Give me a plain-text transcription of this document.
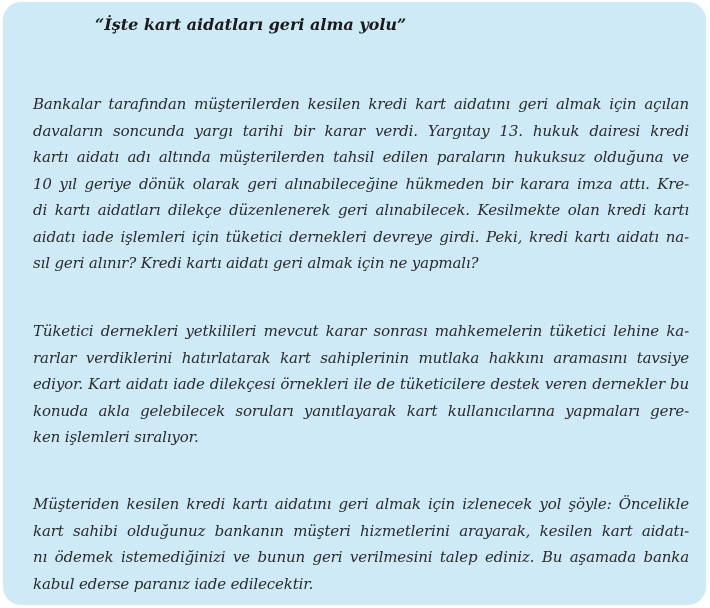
“İşte kart aidatları geri alma yolu”
Bankalar tarafından müşterilerden kesilen kredi kart aidatını geri almak için açılan
davaların soncunda yargı tarihi bir karar verdi. Yargıtay 13. hukuk dairesi kredi
kartı aidatı adı altında müşterilerden tahsil edilen paraların hukuksuz olduğuna ve
10 yıl geriye dönük olarak geri alınabileceğine hükmeden bir karara imza attı. Kre-
di kartı aidatları dilekçe düzenlenerek geri alınabilecek. Kesilmekte olan kredi kartı
aidatı iade işlemleri için tüketici dernekleri devreye girdi. Peki, kredi kartı aidatı na-
sıl geri alınır? Kredi kartı aidatı geri almak için ne yapmalı?
Tüketici dernekleri yetkilileri mevcut karar sonrası mahkemelerin tüketici lehine ka-
rarlar verdiklerini hatırlatarak kart sahiplerinin mutlaka hakkını aramasını tavsiye
ediyor. Kart aidatı iade dilekçesi örnekleri ile de tüketicilere destek veren dernekler bu
konuda akla gelebilecek soruları yanıtlayarak kart kullanıcılarına yapmaları gere-
ken işlemleri sıralıyor.
Müşteriden kesilen kredi kartı aidatını geri almak için izlenecek yol şöyle: Öncelikle
kart sahibi olduğunuz bankanın müşteri hizmetlerini arayarak, kesilen kart aidatı-
nı ödemek istemediğinizi ve bunun geri verilmesini talep ediniz. Bu aşamada banka
kabul ederse paranız iade edilecektir.
